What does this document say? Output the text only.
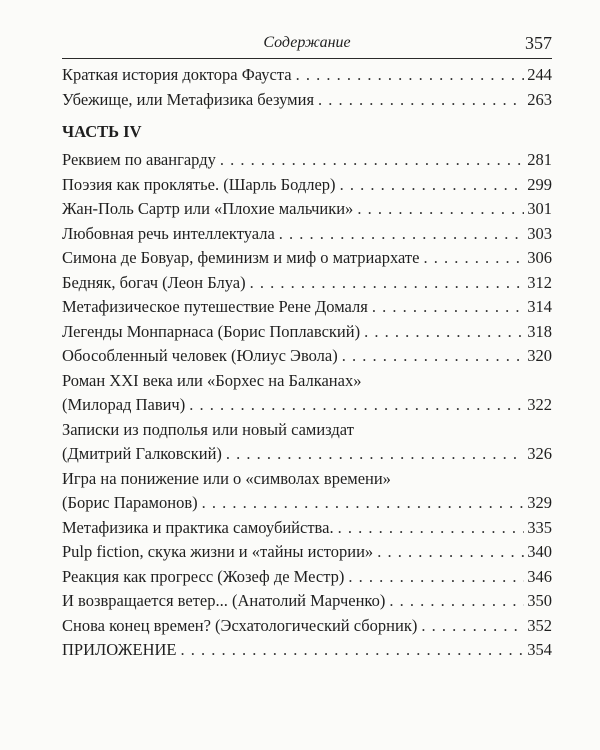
Содержание	357
Краткая история доктора Фауста . . .	244
Убежище, или Метафизика безумия . . .	263
ЧАСТЬ IV
Реквием по авангарду . . .	281
Поэзия как проклятье. (Шарль Бодлер) . . .	299
Жан-Поль Сартр или «Плохие мальчики» . . .	301
Любовная речь интеллектуала . . .	303
Симона де Бовуар, феминизм и миф о матриархате . . .	306
Бедняк, богач (Леон Блуа) . . .	312
Метафизическое путешествие Рене Домаля . . .	314
Легенды Монпарнаса (Борис Поплавский) . . .	318
Обособленный человек (Юлиус Эвола) . . .	320
Роман XXI века или «Борхес на Балканах»
(Милорад Павич) . . .	322
Записки из подполья или новый самиздат
(Дмитрий Галковский) . . .	326
Игра на понижение или о «символах времени»
(Борис Парамонов) . . .	329
Метафизика и практика самоубийства. . . .	335
Pulp fiction, скука жизни и «тайны истории» . . .	340
Реакция как прогресс (Жозеф де Местр) . . .	346
И возвращается ветер... (Анатолий Марченко) . . .	350
Снова конец времен? (Эсхатологический сборник) . . .	352
ПРИЛОЖЕНИЕ . . .	354
